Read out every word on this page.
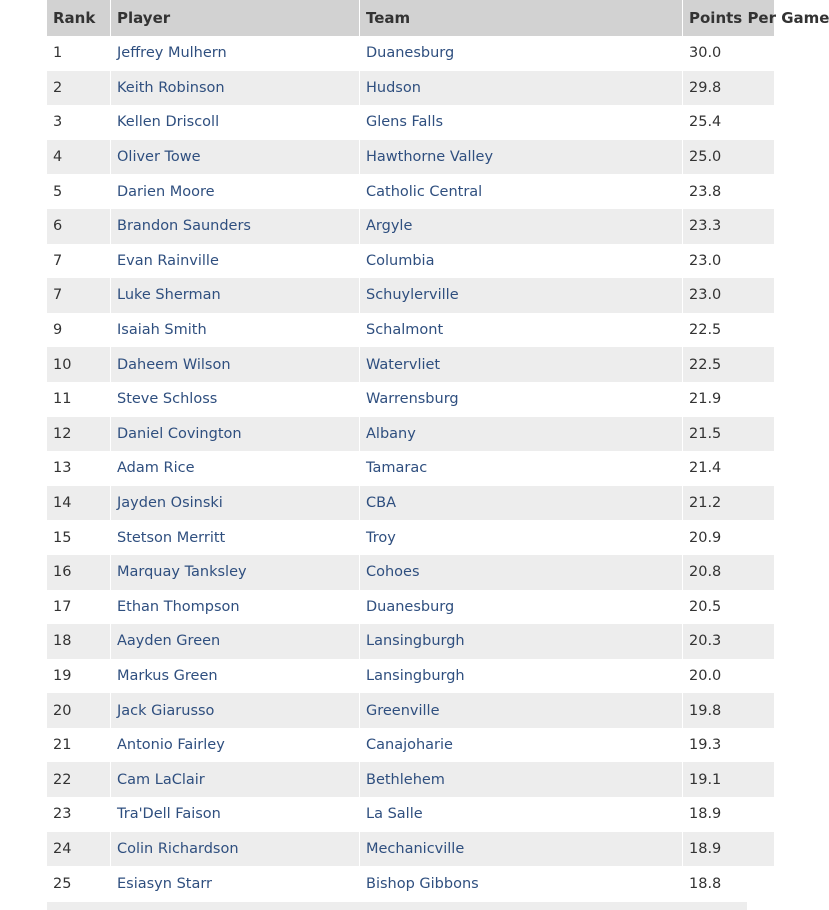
Rank	Player	Team	Points Per Game
1	Jeffrey Mulhern	Duanesburg	30.0
2	Keith Robinson	Hudson	29.8
3	Kellen Driscoll	Glens Falls	25.4
4	Oliver Towe	Hawthorne Valley	25.0
5	Darien Moore	Catholic Central	23.8
6	Brandon Saunders	Argyle	23.3
7	Evan Rainville	Columbia	23.0
7	Luke Sherman	Schuylerville	23.0
9	Isaiah Smith	Schalmont	22.5
10	Daheem Wilson	Watervliet	22.5
11	Steve Schloss	Warrensburg	21.9
12	Daniel Covington	Albany	21.5
13	Adam Rice	Tamarac	21.4
14	Jayden Osinski	CBA	21.2
15	Stetson Merritt	Troy	20.9
16	Marquay Tanksley	Cohoes	20.8
17	Ethan Thompson	Duanesburg	20.5
18	Aayden Green	Lansingburgh	20.3
19	Markus Green	Lansingburgh	20.0
20	Jack Giarusso	Greenville	19.8
21	Antonio Fairley	Canajoharie	19.3
22	Cam LaClair	Bethlehem	19.1
23	Tra'Dell Faison	La Salle	18.9
24	Colin Richardson	Mechanicville	18.9
25	Esiasyn Starr	Bishop Gibbons	18.8
